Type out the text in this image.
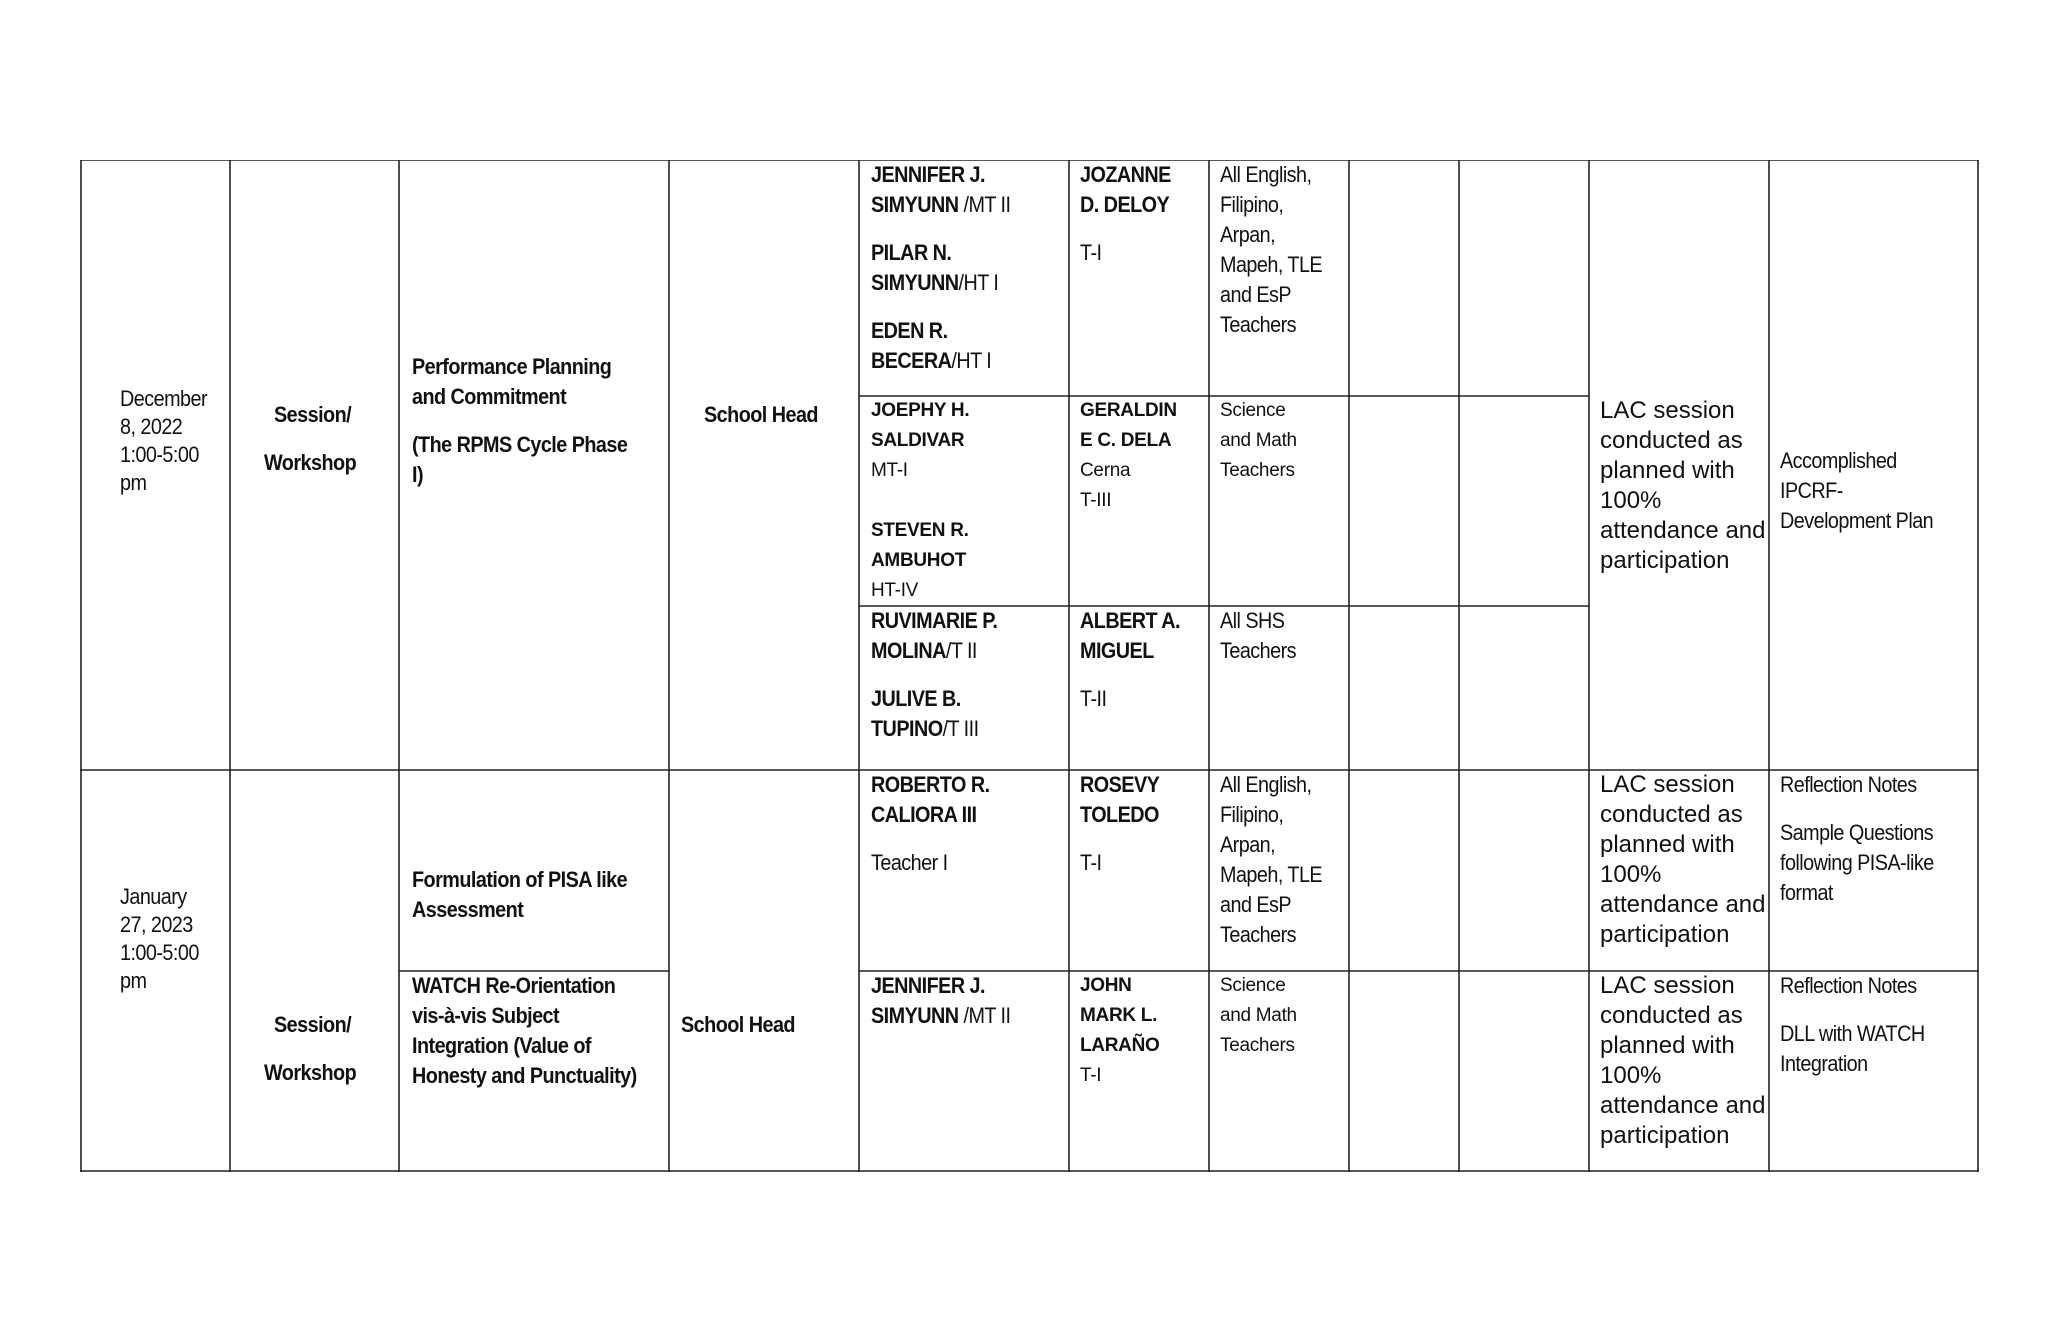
December
8, 2022
1:00-5:00
pm
Session/
Workshop
Performance Planning
and Commitment
(The RPMS Cycle Phase
I)
School Head
JENNIFER J.
SIMYUNN /MT II
PILAR N.
SIMYUNN/HT I
EDEN R.
BECERA/HT I
JOZANNE
D. DELOY
T-I
All English,
Filipino,
Arpan,
Mapeh, TLE
and EsP
Teachers
JOEPHY H.
SALDIVAR
MT-I
STEVEN R.
AMBUHOT
HT-IV
GERALDIN
E C. DELA
Cerna
T-III
Science
and Math
Teachers
RUVIMARIE P.
MOLINA/T II
JULIVE B.
TUPINO/T III
ALBERT A.
MIGUEL
T-II
All SHS
Teachers
LAC session
conducted as
planned with
100%
attendance and
participation
Accomplished
IPCRF-
Development Plan
January
27, 2023
1:00-5:00
pm
Session/
Workshop
School Head
Formulation of PISA like
Assessment
ROBERTO R.
CALIORA III
Teacher I
ROSEVY
TOLEDO
T-I
All English,
Filipino,
Arpan,
Mapeh, TLE
and EsP
Teachers
LAC session
conducted as
planned with
100%
attendance and
participation
Reflection Notes
Sample Questions
following PISA-like
format
WATCH Re-Orientation
vis-à-vis Subject
Integration (Value of
Honesty and Punctuality)
JENNIFER J.
SIMYUNN /MT II
JOHN
MARK L.
LARAÑO
T-I
Science
and Math
Teachers
LAC session
conducted as
planned with
100%
attendance and
participation
Reflection Notes
DLL with WATCH
Integration
